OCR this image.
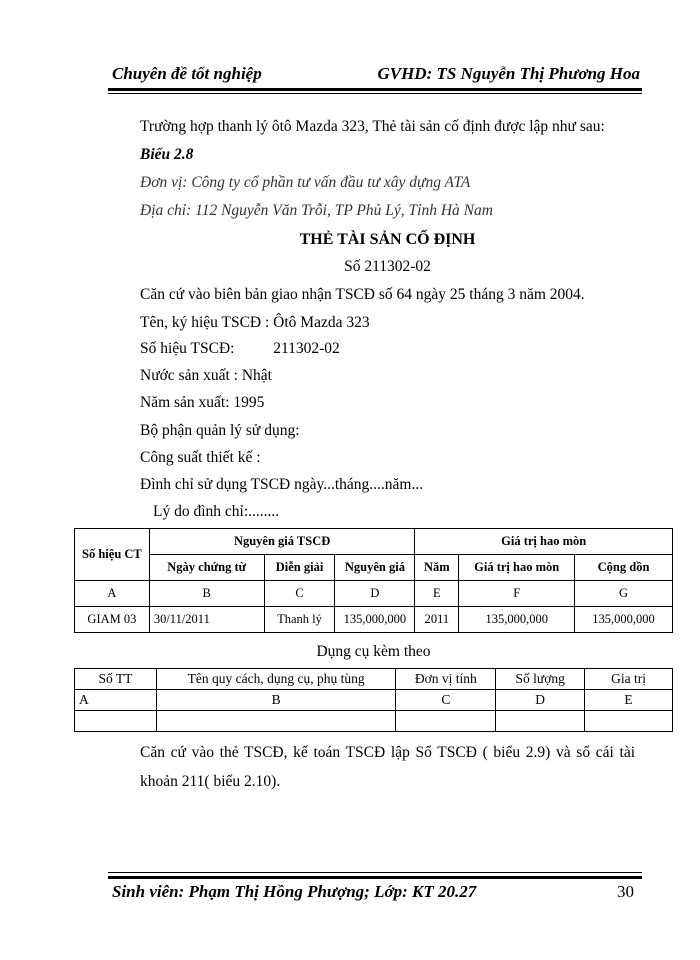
Chuyên đề tốt nghiệp	GVHD: TS Nguyễn Thị Phương Hoa
Trường hợp thanh lý ôtô Mazda 323, Thẻ tài sản cố định được lập như sau:
Biểu 2.8
Đơn vị: Công ty cổ phần tư vấn đầu tư xây dựng ATA
Địa chỉ: 112 Nguyễn Văn Trỗi, TP Phủ Lý, Tỉnh Hà Nam
THẺ TÀI SẢN CỐ ĐỊNH
Số 211302-02
Căn cứ vào biên bản giao nhận TSCĐ số 64 ngày 25 tháng 3 năm 2004.
Tên, ký hiệu TSCĐ : Ôtô Mazda 323
Số hiệu TSCĐ:          211302-02
Nước sản xuất : Nhật
Năm sản xuất: 1995
Bộ phận quản lý sử dụng:
Công suất thiết kế :
Đình chỉ sử dụng TSCĐ ngày...tháng....năm...
Lý do đình chỉ:........
Số hiệu CT	Nguyên giá TSCĐ			Giá trị hao mòn		
	Ngày chứng từ	Diễn giải	Nguyên giá	Năm	Giá trị hao mòn	Cộng dồn
A	B	C	D	E	F	G
GIAM 03	30/11/2011	Thanh lý	135,000,000	2011	135,000,000	135,000,000
Dụng cụ kèm theo
Số TT	Tên quy cách, dụng cụ, phụ tùng	Đơn vị tính	Số lượng	Gia trị
A	B	C	D	E

Căn cứ vào thẻ TSCĐ, kế toán TSCĐ lập Sổ TSCĐ ( biểu 2.9) và sổ cái tài khoản 211( biểu 2.10).
Sinh viên: Phạm Thị Hồng Phượng; Lớp: KT 20.27	30
